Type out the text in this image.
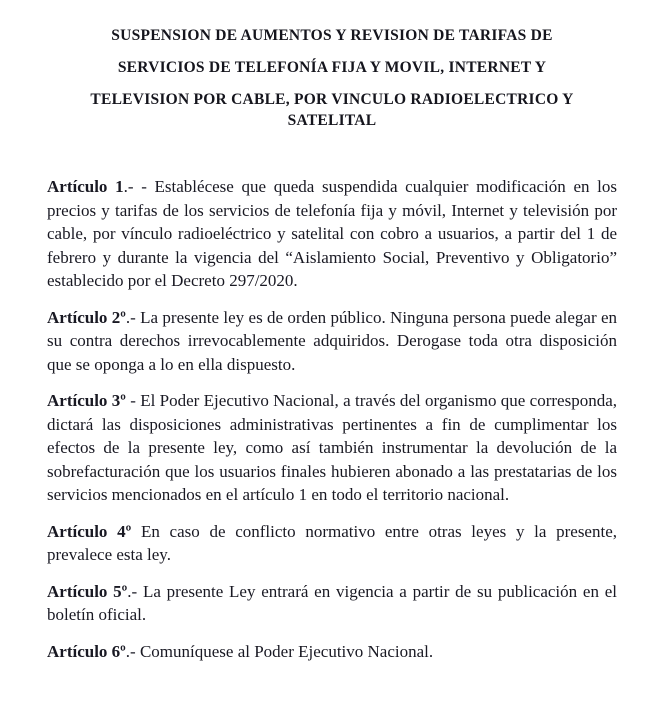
SUSPENSION DE AUMENTOS Y REVISION DE TARIFAS DE
SERVICIOS DE TELEFONÍA FIJA Y MOVIL, INTERNET Y
TELEVISION POR CABLE, POR VINCULO RADIOELECTRICO Y SATELITAL

Artículo 1.- - Establécese que queda suspendida cualquier modificación en los precios y tarifas de los servicios de telefonía fija y móvil, Internet y televisión por cable, por vínculo radioeléctrico y satelital con cobro a usuarios, a partir del 1 de febrero y durante la vigencia del “Aislamiento Social, Preventivo y Obligatorio” establecido por el Decreto 297/2020.

Artículo 2º.- La presente ley es de orden público. Ninguna persona puede alegar en su contra derechos irrevocablemente adquiridos. Derogase toda otra disposición que se oponga a lo en ella dispuesto.

Artículo 3º - El Poder Ejecutivo Nacional, a través del organismo que corresponda, dictará las disposiciones administrativas pertinentes a fin de cumplimentar los efectos de la presente ley, como así también instrumentar la devolución de la sobrefacturación que los usuarios finales hubieren abonado a las prestatarias de los servicios mencionados en el artículo 1 en todo el territorio nacional.

Artículo 4º En caso de conflicto normativo entre otras leyes y la presente, prevalece esta ley.

Artículo 5º.- La presente Ley entrará en vigencia a partir de su publicación en el boletín oficial.

Artículo 6º.- Comuníquese al Poder Ejecutivo Nacional.
